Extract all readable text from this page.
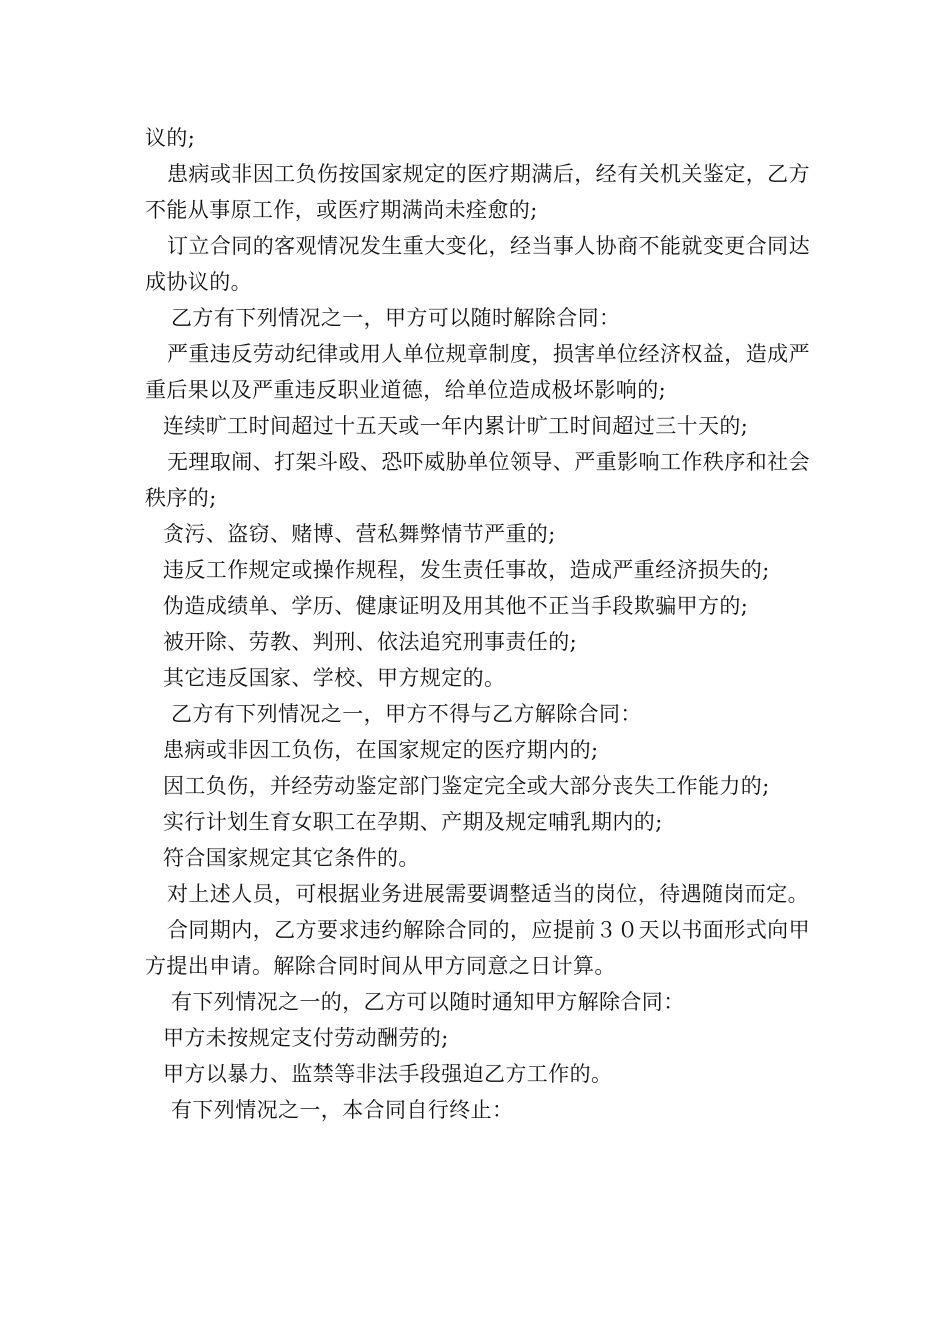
议的;

患病或非因工负伤按国家规定的医疗期满后，经有关机关鉴定，乙方不能从事原工作，或医疗期满尚未痊愈的;

订立合同的客观情况发生重大变化，经当事人协商不能就变更合同达成协议的。

乙方有下列情况之一，甲方可以随时解除合同：

严重违反劳动纪律或用人单位规章制度，损害单位经济权益，造成严重后果以及严重违反职业道德，给单位造成极坏影响的;

连续旷工时间超过十五天或一年内累计旷工时间超过三十天的;

无理取闹、打架斗殴、恐吓威胁单位领导、严重影响工作秩序和社会秩序的;

贪污、盗窃、赌博、营私舞弊情节严重的;

违反工作规定或操作规程，发生责任事故，造成严重经济损失的;

伪造成绩单、学历、健康证明及用其他不正当手段欺骗甲方的;

被开除、劳教、判刑、依法追究刑事责任的;

其它违反国家、学校、甲方规定的。

乙方有下列情况之一，甲方不得与乙方解除合同：

患病或非因工负伤，在国家规定的医疗期内的;

因工负伤，并经劳动鉴定部门鉴定完全或大部分丧失工作能力的;

实行计划生育女职工在孕期、产期及规定哺乳期内的;

符合国家规定其它条件的。

对上述人员，可根据业务进展需要调整适当的岗位，待遇随岗而定。

合同期内，乙方要求违约解除合同的，应提前３０天以书面形式向甲方提出申请。解除合同时间从甲方同意之日计算。

有下列情况之一的，乙方可以随时通知甲方解除合同：

甲方未按规定支付劳动酬劳的;

甲方以暴力、监禁等非法手段强迫乙方工作的。

有下列情况之一，本合同自行终止：
